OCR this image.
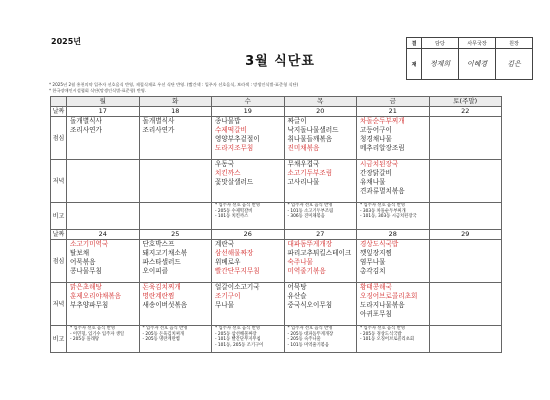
2025년
3월 식단표
* 2025년 2월 홍천의약 입주자 선호음식 반영, 제철식재료 우선 식단 반영. (빨간색 : 입주자 선호음식, 보라색 : 망생인식별-표준형 식단)
* 한국장애인시설협회 식단(망생인식별-표준형) 반영.
결	담당	사무국장	원장
재	정재희	이혜경	김은
	월	화	수	목	금	토(주말)
날짜	17	18	19	20	21	22
점심	돌개별식사
조리사연가	돌개별식사
조리사연가	종나물밥
수제떡갈비
영양부추겉절이
도라지조무침	짜글이
낙지돌나물샐러드
취나물들깨볶음
진미채볶음	차돌순두부찌개
고등어구이
청경채나물
메추리알장조림	

저녁			우동국
치킨까스
꽃맛살샐러드	무채우겹국
소고기두부조림
고사리나물	시금치된장국
간장닭갈비
유채나물
견과류멸치볶음	

비고			* 입주자 선호 음식 반영
- 205동 수제떡갈비
- 101동 치킨까스	* 입주자 선호 음식 반영
- 101동 소고기두부조림
- 306동 진미채볶음	* 입주자 선호 음식 반영
- 303동 차돌순두부찌개
- 101동, 303동 시금치된장국	

날짜	24	25	26	27	28	29
점심	소고기미역국
탈보채
어묵볶음
콩나물무침	단호박스프
돼지고기채소볶
파스타샐러드
오이피클	계란국
삼선해물짜장
위베로우
빨간단무지무침	대파돔뚜게개장
파리고추튀킬스테이크
숙주나물
미역줄기볶음	경상도식국밥
깻잎장지찜
염무나물
총각김치	

저녁	맑은초해탕
훈제오리야채볶음
부추양파무침	돈육김치찌개
명란계란찜
새송이버섯볶음	얼갈이소고기국
조기구이
무나물	어묵탕
유산슬
중국식오이무침	황태콩해국
오징어브로콜리초회
도라지나물볶음
아귀포무침	

비고	* 입주자 선호 음식 반영
- 이민형, 입기수 입주자 생일
- 205동 돌래탕	* 입주자 선호 음식 반영
- 205동 돈육김치찌개
- 205동 명란계란찜	* 입주자 선호 음식 반영
- 205동 삼선해물짜장
- 101동 빨간단무지무침
- 101동, 205동 조기구이	* 입주자 선호 음식 반영
- 205동 대파돔뚜게개장
- 205동 숙주나물
- 101동 미역줄기볶음	* 입주자 선호 음식 반영
- 205동 경상도식국밥
- 101동 오징어브로콜리초회	
